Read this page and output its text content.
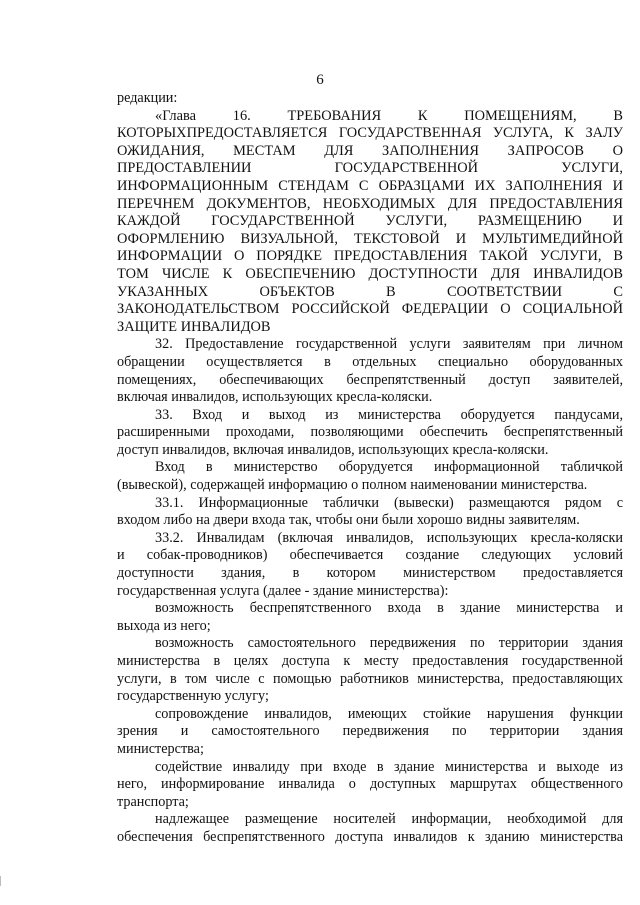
6
редакции:
«Глава 16. ТРЕБОВАНИЯ К ПОМЕЩЕНИЯМ, В
КОТОРЫХПРЕДОСТАВЛЯЕТСЯ ГОСУДАРСТВЕННАЯ УСЛУГА, К ЗАЛУ
ОЖИДАНИЯ, МЕСТАМ ДЛЯ ЗАПОЛНЕНИЯ ЗАПРОСОВ О
ПРЕДОСТАВЛЕНИИ ГОСУДАРСТВЕННОЙ УСЛУГИ,
ИНФОРМАЦИОННЫМ СТЕНДАМ С ОБРАЗЦАМИ ИХ ЗАПОЛНЕНИЯ И
ПЕРЕЧНЕМ ДОКУМЕНТОВ, НЕОБХОДИМЫХ ДЛЯ ПРЕДОСТАВЛЕНИЯ
КАЖДОЙ ГОСУДАРСТВЕННОЙ УСЛУГИ, РАЗМЕЩЕНИЮ И
ОФОРМЛЕНИЮ ВИЗУАЛЬНОЙ, ТЕКСТОВОЙ И МУЛЬТИМЕДИЙНОЙ
ИНФОРМАЦИИ О ПОРЯДКЕ ПРЕДОСТАВЛЕНИЯ ТАКОЙ УСЛУГИ, В
ТОМ ЧИСЛЕ К ОБЕСПЕЧЕНИЮ ДОСТУПНОСТИ ДЛЯ ИНВАЛИДОВ
УКАЗАННЫХ ОБЪЕКТОВ В СООТВЕТСТВИИ С
ЗАКОНОДАТЕЛЬСТВОМ РОССИЙСКОЙ ФЕДЕРАЦИИ О СОЦИАЛЬНОЙ
ЗАЩИТЕ ИНВАЛИДОВ
32. Предоставление государственной услуги заявителям при личном
обращении осуществляется в отдельных специально оборудованных
помещениях, обеспечивающих беспрепятственный доступ заявителей,
включая инвалидов, использующих кресла-коляски.
33. Вход и выход из министерства оборудуется пандусами,
расширенными проходами, позволяющими обеспечить беспрепятственный
доступ инвалидов, включая инвалидов, использующих кресла-коляски.
Вход в министерство оборудуется информационной табличкой
(вывеской), содержащей информацию о полном наименовании министерства.
33.1. Информационные таблички (вывески) размещаются рядом с
входом либо на двери входа так, чтобы они были хорошо видны заявителям.
33.2. Инвалидам (включая инвалидов, использующих кресла-коляски
и собак-проводников) обеспечивается создание следующих условий
доступности здания, в котором министерством предоставляется
государственная услуга (далее - здание министерства):
возможность беспрепятственного входа в здание министерства и
выхода из него;
возможность самостоятельного передвижения по территории здания
министерства в целях доступа к месту предоставления государственной
услуги, в том числе с помощью работников министерства, предоставляющих
государственную услугу;
сопровождение инвалидов, имеющих стойкие нарушения функции
зрения и самостоятельного передвижения по территории здания
министерства;
содействие инвалиду при входе в здание министерства и выходе из
него, информирование инвалида о доступных маршрутах общественного
транспорта;
надлежащее размещение носителей информации, необходимой для
обеспечения беспрепятственного доступа инвалидов к зданию министерства
